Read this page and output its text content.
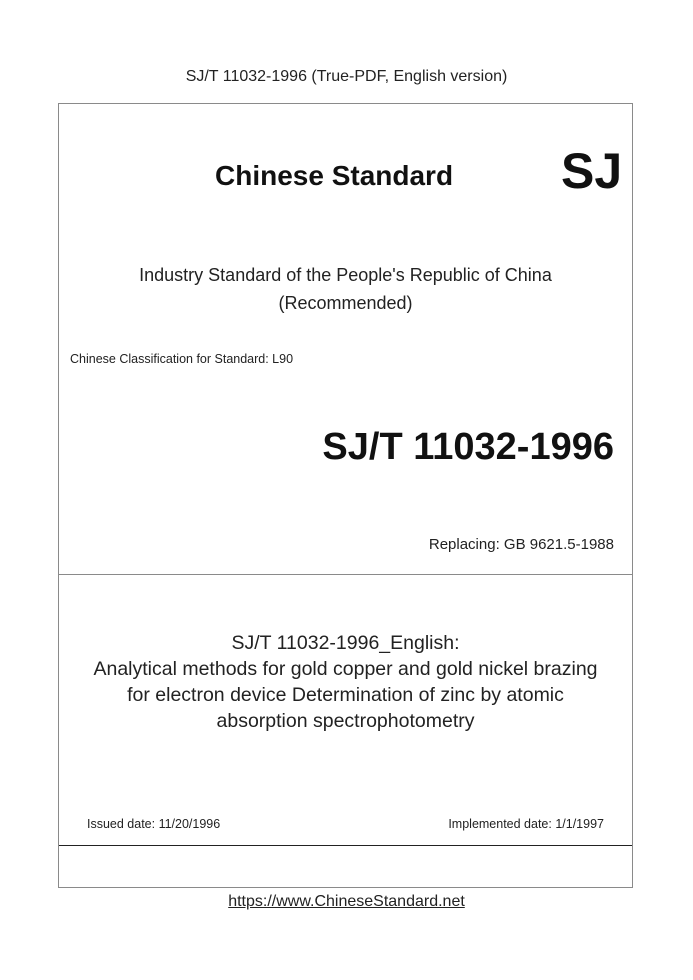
SJ/T 11032-1996 (True-PDF, English version)
Chinese Standard SJ
Industry Standard of the People's Republic of China
(Recommended)
Chinese Classification for Standard: L90
SJ/T 11032-1996
Replacing: GB 9621.5-1988
SJ/T 11032-1996_English:
Analytical methods for gold copper and gold nickel brazing
for electron device Determination of zinc by atomic
absorption spectrophotometry
Issued date: 11/20/1996	Implemented date: 1/1/1997
https://www.ChineseStandard.net
